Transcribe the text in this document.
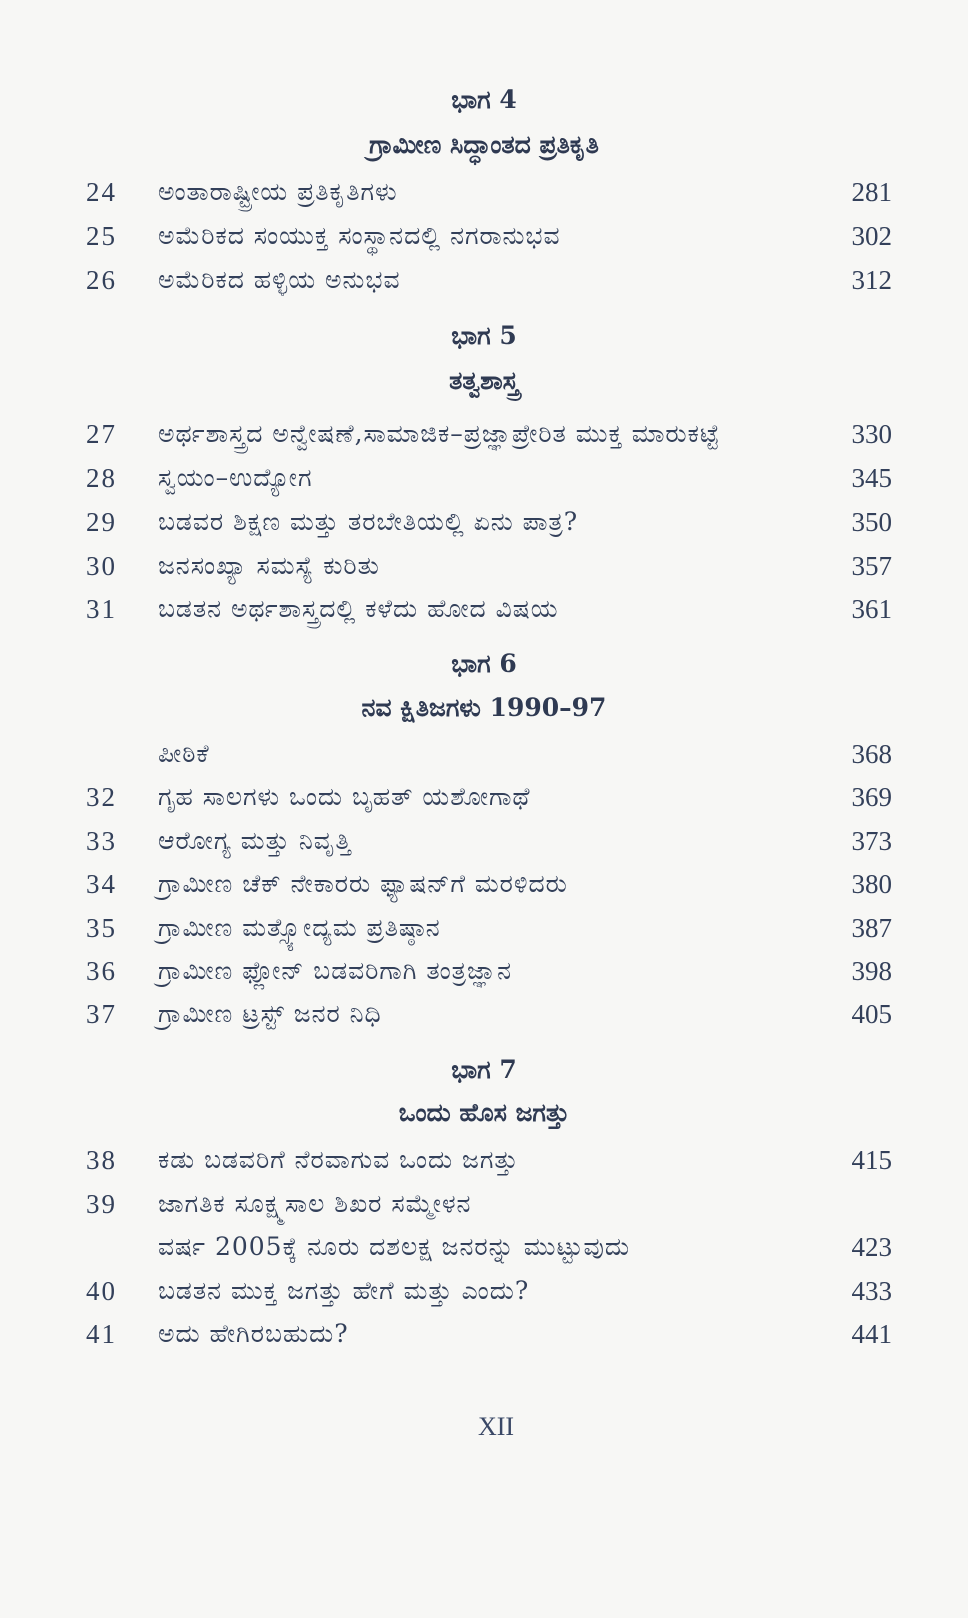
ಭಾಗ 4
ಗ್ರಾಮೀಣ ಸಿದ್ಧಾಂತದ ಪ್ರತಿಕೃತಿ
24	ಅಂತಾರಾಷ್ಟ್ರೀಯ ಪ್ರತಿಕೃತಿಗಳು	281
25	ಅಮೆರಿಕದ ಸಂಯುಕ್ತ ಸಂಸ್ಥಾನದಲ್ಲಿ ನಗರಾನುಭವ	302
26	ಅಮೆರಿಕದ ಹಳ್ಳಿಯ ಅನುಭವ	312
ಭಾಗ 5
ತತ್ವಶಾಸ್ತ್ರ
27	ಅರ್ಥಶಾಸ್ತ್ರದ ಅನ್ವೇಷಣೆ,ಸಾಮಾಜಿಕ–ಪ್ರಜ್ಞಾಪ್ರೇರಿತ ಮುಕ್ತ ಮಾರುಕಟ್ಟೆ	330
28	ಸ್ವಯಂ–ಉದ್ಯೋಗ	345
29	ಬಡವರ ಶಿಕ್ಷಣ ಮತ್ತು ತರಬೇತಿಯಲ್ಲಿ ಏನು ಪಾತ್ರ?	350
30	ಜನಸಂಖ್ಯಾ ಸಮಸ್ಯೆ ಕುರಿತು	357
31	ಬಡತನ ಅರ್ಥಶಾಸ್ತ್ರದಲ್ಲಿ ಕಳೆದು ಹೋದ ವಿಷಯ	361
ಭಾಗ 6
ನವ ಕ್ಷಿತಿಜಗಳು 1990–97
ಪೀಠಿಕೆ	368
32	ಗೃಹ ಸಾಲಗಳು ಒಂದು ಬೃಹತ್ ಯಶೋಗಾಥೆ	369
33	ಆರೋಗ್ಯ ಮತ್ತು ನಿವೃತ್ತಿ	373
34	ಗ್ರಾಮೀಣ ಚೆಕ್ ನೇಕಾರರು ಫ್ಯಾಷನ್‌ಗೆ ಮರಳಿದರು	380
35	ಗ್ರಾಮೀಣ ಮತ್ಸ್ಯೋದ್ಯಮ ಪ್ರತಿಷ್ಠಾನ	387
36	ಗ್ರಾಮೀಣ ಫ್ಲೋನ್ ಬಡವರಿಗಾಗಿ ತಂತ್ರಜ್ಞಾನ	398
37	ಗ್ರಾಮೀಣ ಟ್ರಸ್ಟ್ ಜನರ ನಿಧಿ	405
ಭಾಗ 7
ಒಂದು ಹೊಸ ಜಗತ್ತು
38	ಕಡು ಬಡವರಿಗೆ ನೆರವಾಗುವ ಒಂದು ಜಗತ್ತು	415
39	ಜಾಗತಿಕ ಸೂಕ್ಷ್ಮಸಾಲ ಶಿಖರ ಸಮ್ಮೇಳನ
ವರ್ಷ 2005ಕ್ಕೆ ನೂರು ದಶಲಕ್ಷ ಜನರನ್ನು ಮುಟ್ಟುವುದು	423
40	ಬಡತನ ಮುಕ್ತ ಜಗತ್ತು ಹೇಗೆ ಮತ್ತು ಎಂದು?	433
41	ಅದು ಹೇಗಿರಬಹುದು?	441
XII
